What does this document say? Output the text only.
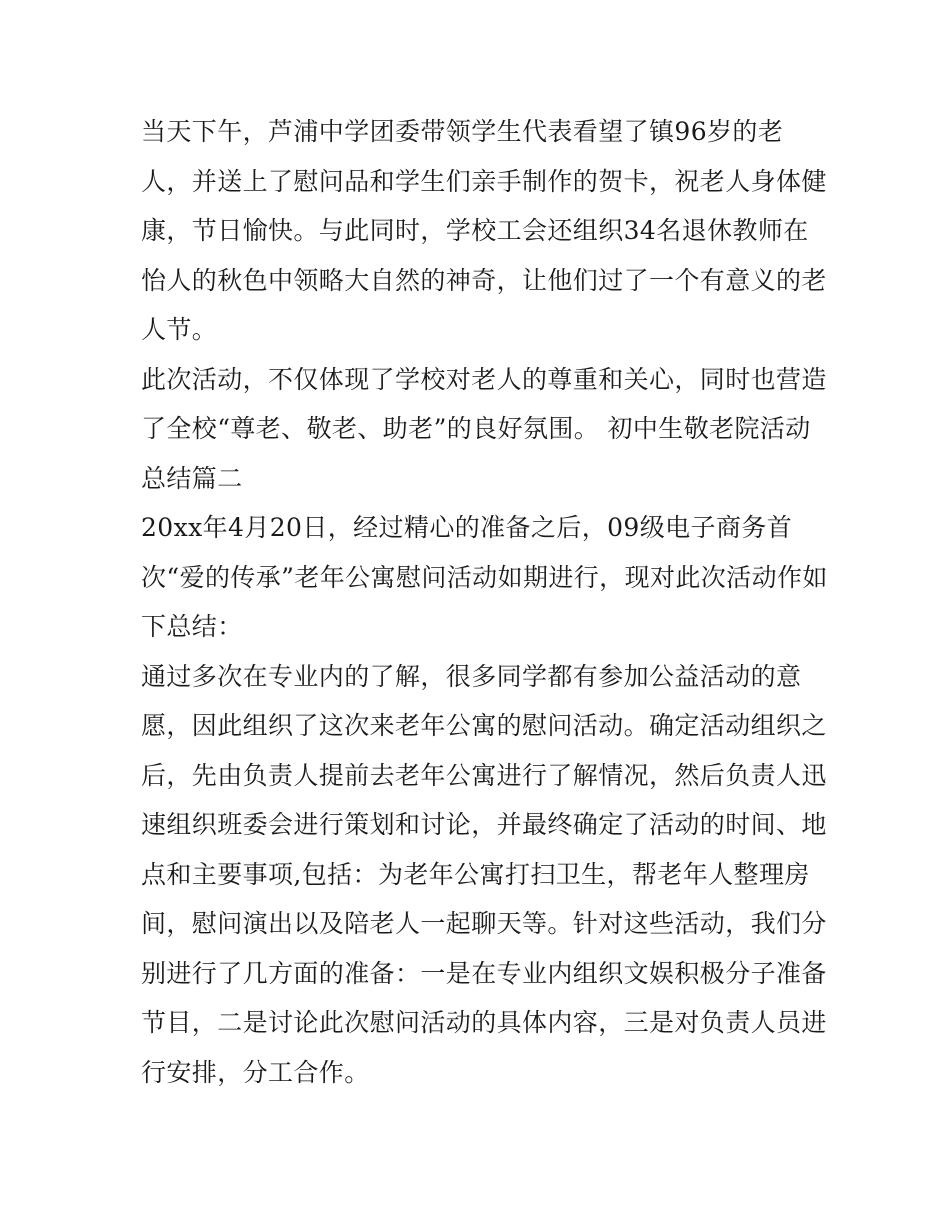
当天下午，芦浦中学团委带领学生代表看望了镇96岁的老
人，并送上了慰问品和学生们亲手制作的贺卡，祝老人身体健
康，节日愉快。与此同时，学校工会还组织34名退休教师在
怡人的秋色中领略大自然的神奇，让他们过了一个有意义的老
人节。
此次活动，不仅体现了学校对老人的尊重和关心，同时也营造
了全校“尊老、敬老、助老”的良好氛围。 初中生敬老院活动
总结篇二
20xx年4月20日，经过精心的准备之后，09级电子商务首
次“爱的传承”老年公寓慰问活动如期进行，现对此次活动作如
下总结：
通过多次在专业内的了解，很多同学都有参加公益活动的意
愿，因此组织了这次来老年公寓的慰问活动。确定活动组织之
后，先由负责人提前去老年公寓进行了解情况，然后负责人迅
速组织班委会进行策划和讨论，并最终确定了活动的时间、地
点和主要事项,包括：为老年公寓打扫卫生，帮老年人整理房
间，慰问演出以及陪老人一起聊天等。针对这些活动，我们分
别进行了几方面的准备：一是在专业内组织文娱积极分子准备
节目，二是讨论此次慰问活动的具体内容，三是对负责人员进
行安排，分工合作。
